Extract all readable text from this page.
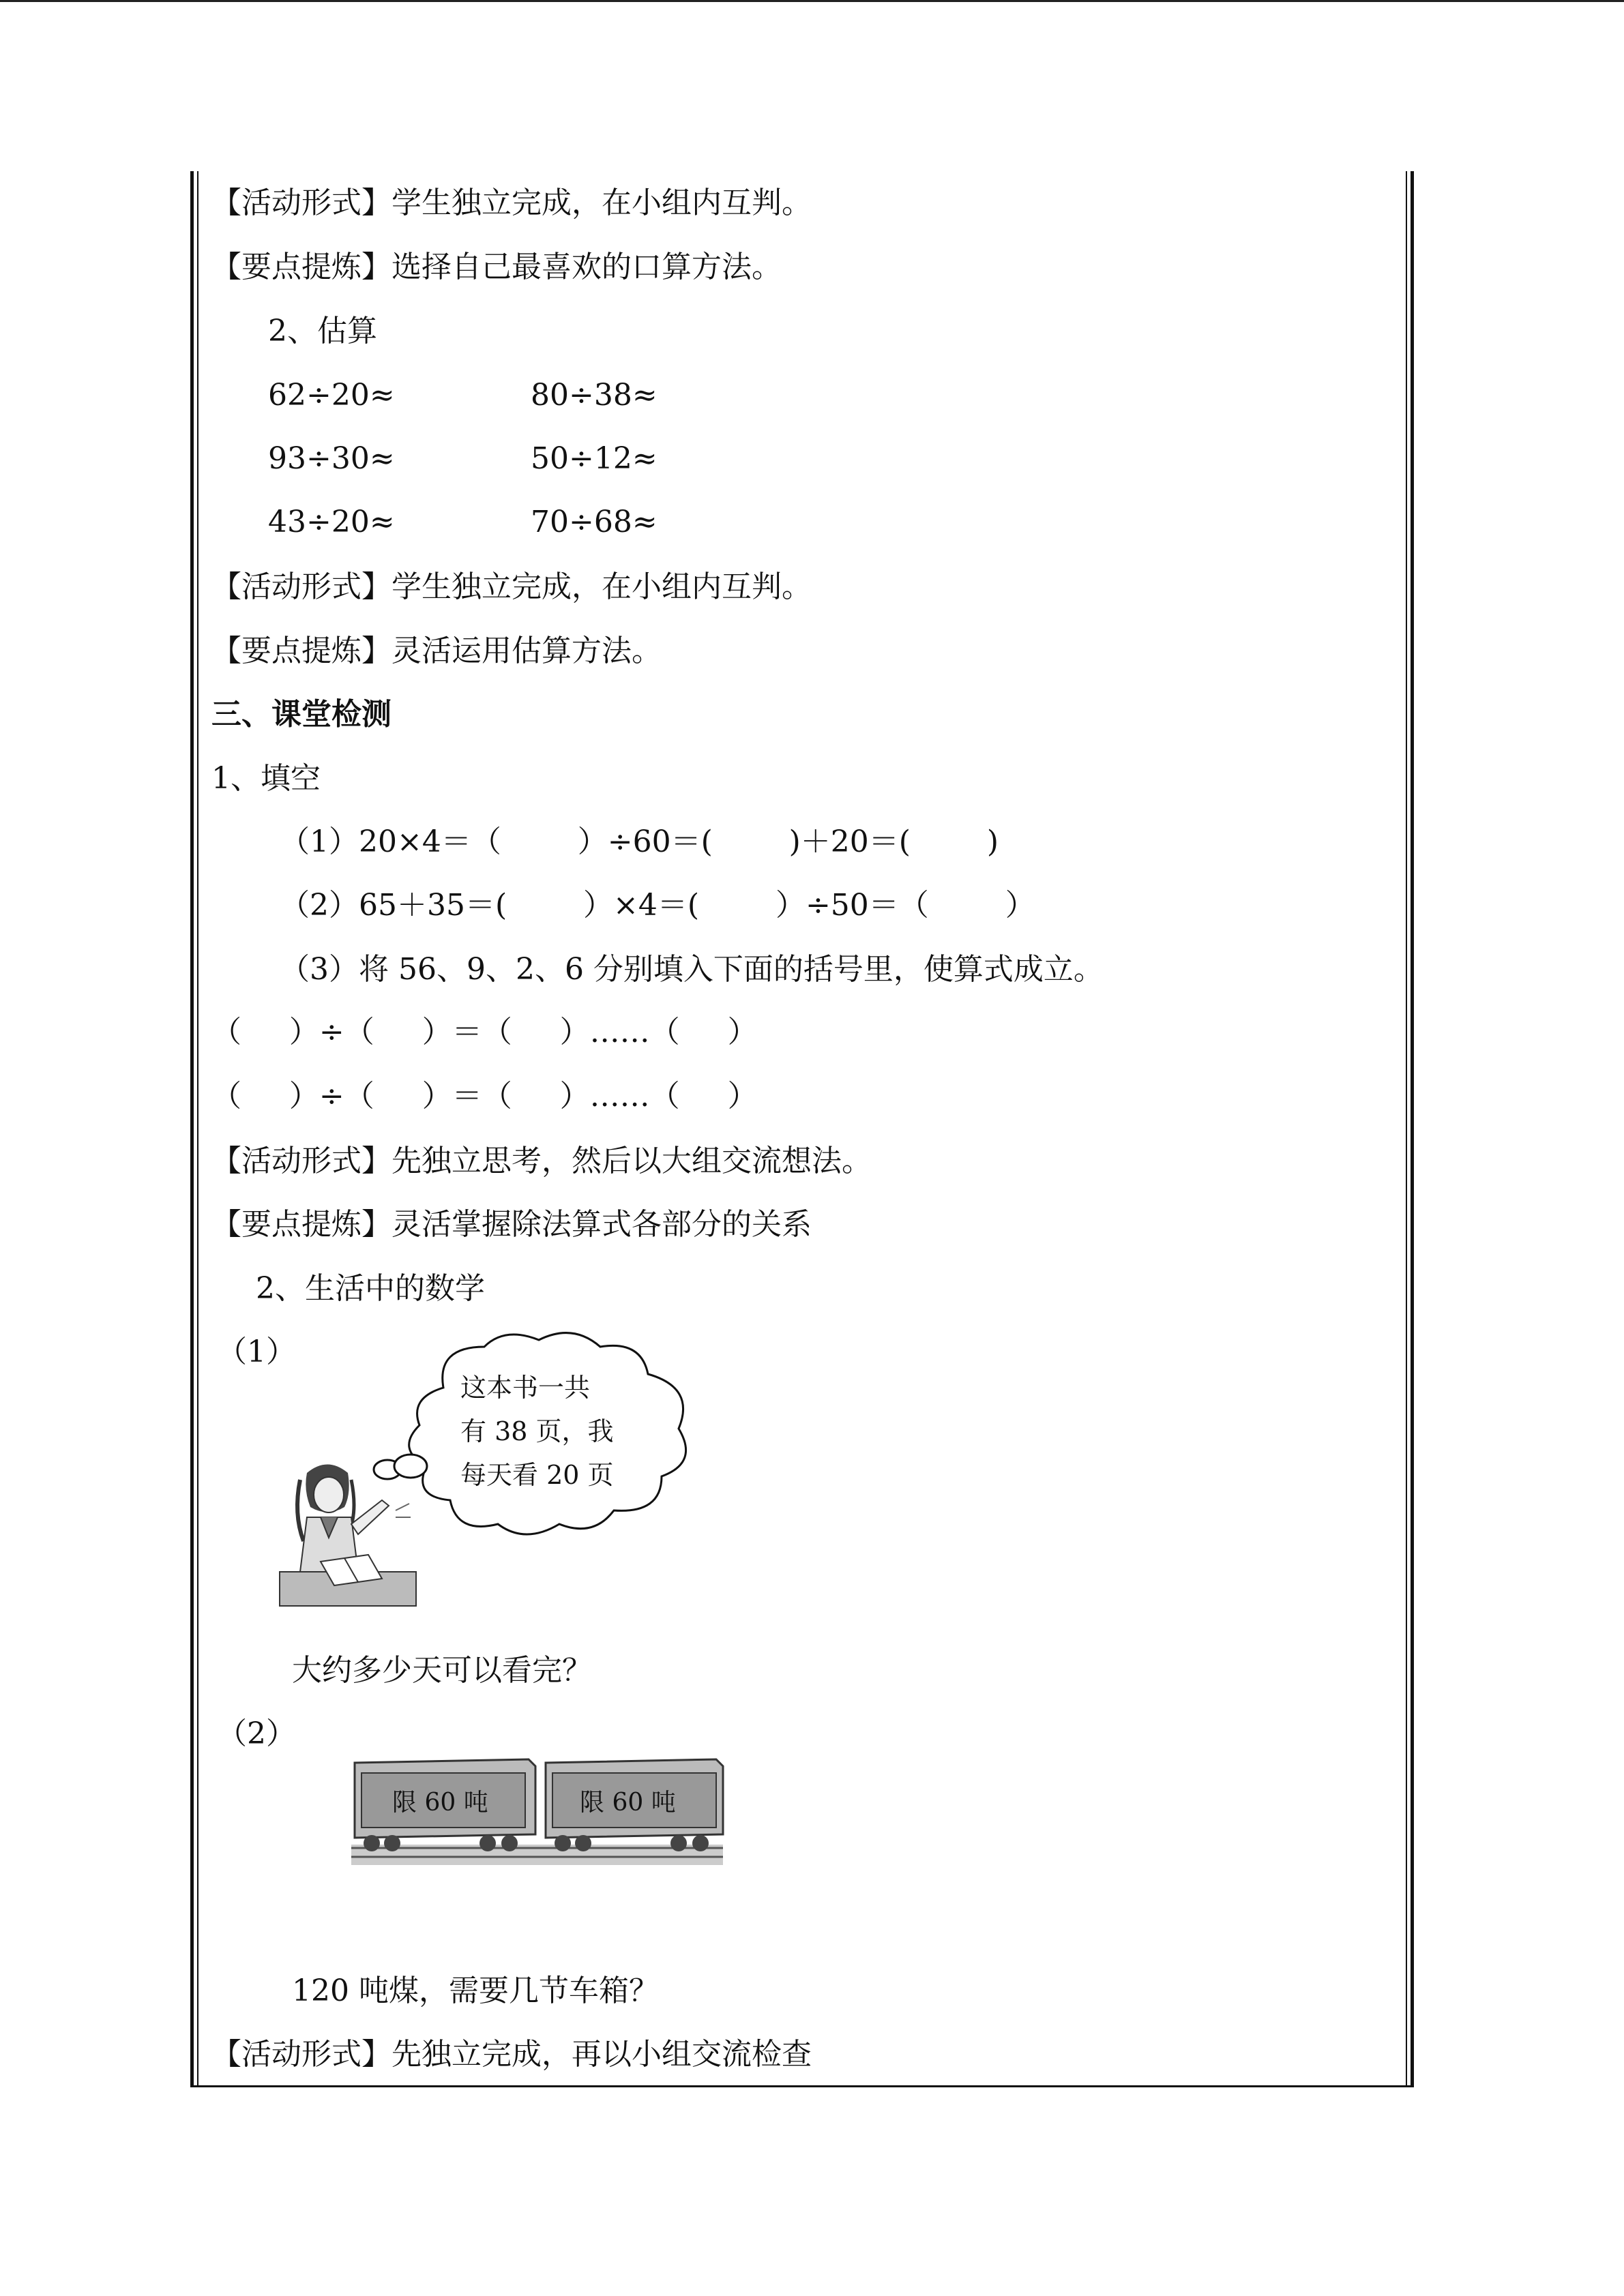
【活动形式】学生独立完成，在小组内互判。
【要点提炼】选择自己最喜欢的口算方法。
2、估算
62÷20≈	80÷38≈
93÷30≈	50÷12≈
43÷20≈	70÷68≈
【活动形式】学生独立完成，在小组内互判。
【要点提炼】灵活运用估算方法。
三、课堂检测
1、填空
（1）20×4＝（        ）÷60＝(        )＋20＝(        )
（2）65＋35＝(        ）×4＝(        ）÷50＝（        ）
（3）将 56、9、2、6 分别填入下面的括号里，使算式成立。
（     ）÷（     ）＝（     ）……（     ）
（     ）÷（     ）＝（     ）……（     ）
【活动形式】先独立思考，然后以大组交流想法。
【要点提炼】灵活掌握除法算式各部分的关系
2、生活中的数学
（1）
这本书一共
有 38 页，我
每天看 20 页
大约多少天可以看完？
（2）
限 60 吨	限 60 吨
120 吨煤，需要几节车箱？
【活动形式】先独立完成，再以小组交流检查
